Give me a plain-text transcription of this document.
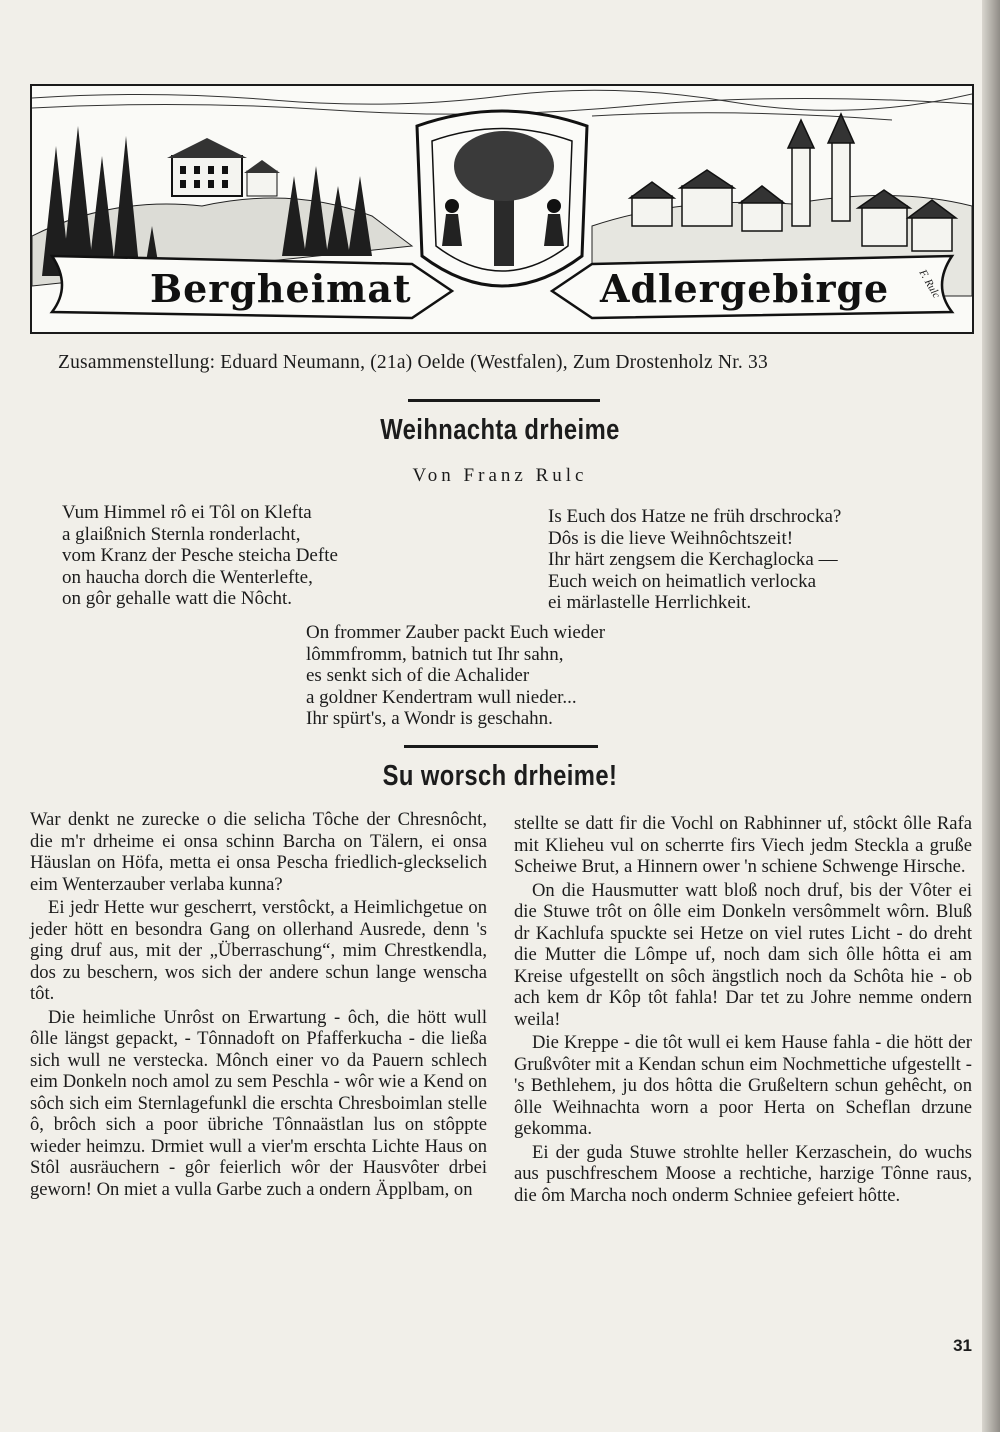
Bergheimat	Adlergebirge F. Rulc
Zusammenstellung: Eduard Neumann, (21a) Oelde (Westfalen), Zum Drostenholz Nr. 33
Weihnachta drheime
Von Franz Rulc
Vum Himmel rô ei Tôl on Klefta
a glaißnich Sternla ronderlacht,
vom Kranz der Pesche steicha Defte
on haucha dorch die Wenterlefte,
on gôr gehalle watt die Nôcht.
Is Euch dos Hatze ne früh drschrocka?
Dôs is die lieve Weihnôchtszeit!
Ihr härt zengsem die Kerchaglocka —
Euch weich on heimatlich verlocka
ei märlastelle Herrlichkeit.
On frommer Zauber packt Euch wieder
lômmfromm, batnich tut Ihr sahn,
es senkt sich of die Achalider
a goldner Kendertram wull nieder...
Ihr spürt's, a Wondr is geschahn.
Su worsch drheime!

War denkt ne zurecke o die selicha Tôche der Chresnôcht, die m'r drheime ei onsa schinn Barcha on Tälern, ei onsa Häuslan on Höfa, metta ei onsa Pescha friedlich-gleckselich eim Wenterzauber verlaba kunna?

Ei jedr Hette wur gescherrt, verstôckt, a Heimlichgetue on jeder hött en besondra Gang on ollerhand Ausrede, denn 's ging druf aus, mit der „Überraschung“, mim Chrestkendla, dos zu beschern, wos sich der andere schun lange wenscha tôt.

Die heimliche Unrôst on Erwartung - ôch, die hött wull ôlle längst gepackt, - Tônnadoft on Pfafferkucha - die ließa sich wull ne verstecka. Mônch einer vo da Pauern schlech eim Donkeln noch amol zu sem Peschla - wôr wie a Kend on sôch sich eim Sternlagefunkl die erschta Chresboimlan stelle ô, brôch sich a poor übriche Tônnaästlan lus on stôppte wieder heimzu. Drmiet wull a vier'm erschta Lichte Haus on Stôl ausräuchern - gôr feierlich wôr der Hausvôter drbei geworn! On miet a vulla Garbe zuch a ondern Äpplbam, on

stellte se datt fir die Vochl on Rabhinner uf, stôckt ôlle Rafa mit Klieheu vul on scherrte firs Viech jedm Steckla a gruße Scheiwe Brut, a Hinnern ower 'n schiene Schwenge Hirsche.

On die Hausmutter watt bloß noch druf, bis der Vôter ei die Stuwe trôt on ôlle eim Donkeln versômmelt wôrn. Bluß dr Kachlufa spuckte sei Hetze on viel rutes Licht - do dreht die Mutter die Lômpe uf, noch dam sich ôlle hôtta ei am Kreise ufgestellt on sôch ängstlich noch da Schôta hie - ob ach kem dr Kôp tôt fahla! Dar tet zu Johre nemme ondern weila!

Die Kreppe - die tôt wull ei kem Hause fahla - die hött der Grußvôter mit a Kendan schun eim Nochmettiche ufgestellt - 's Bethlehem, ju dos hôtta die Grußeltern schun gehêcht, on ôlle Weihnachta worn a poor Herta on Scheflan drzune gekomma.

Ei der guda Stuwe strohlte heller Kerzaschein, do wuchs aus puschfreschem Moose a rechtiche, harzige Tônne raus, die ôm Marcha noch onderm Schniee gefeiert hôtte.

31
